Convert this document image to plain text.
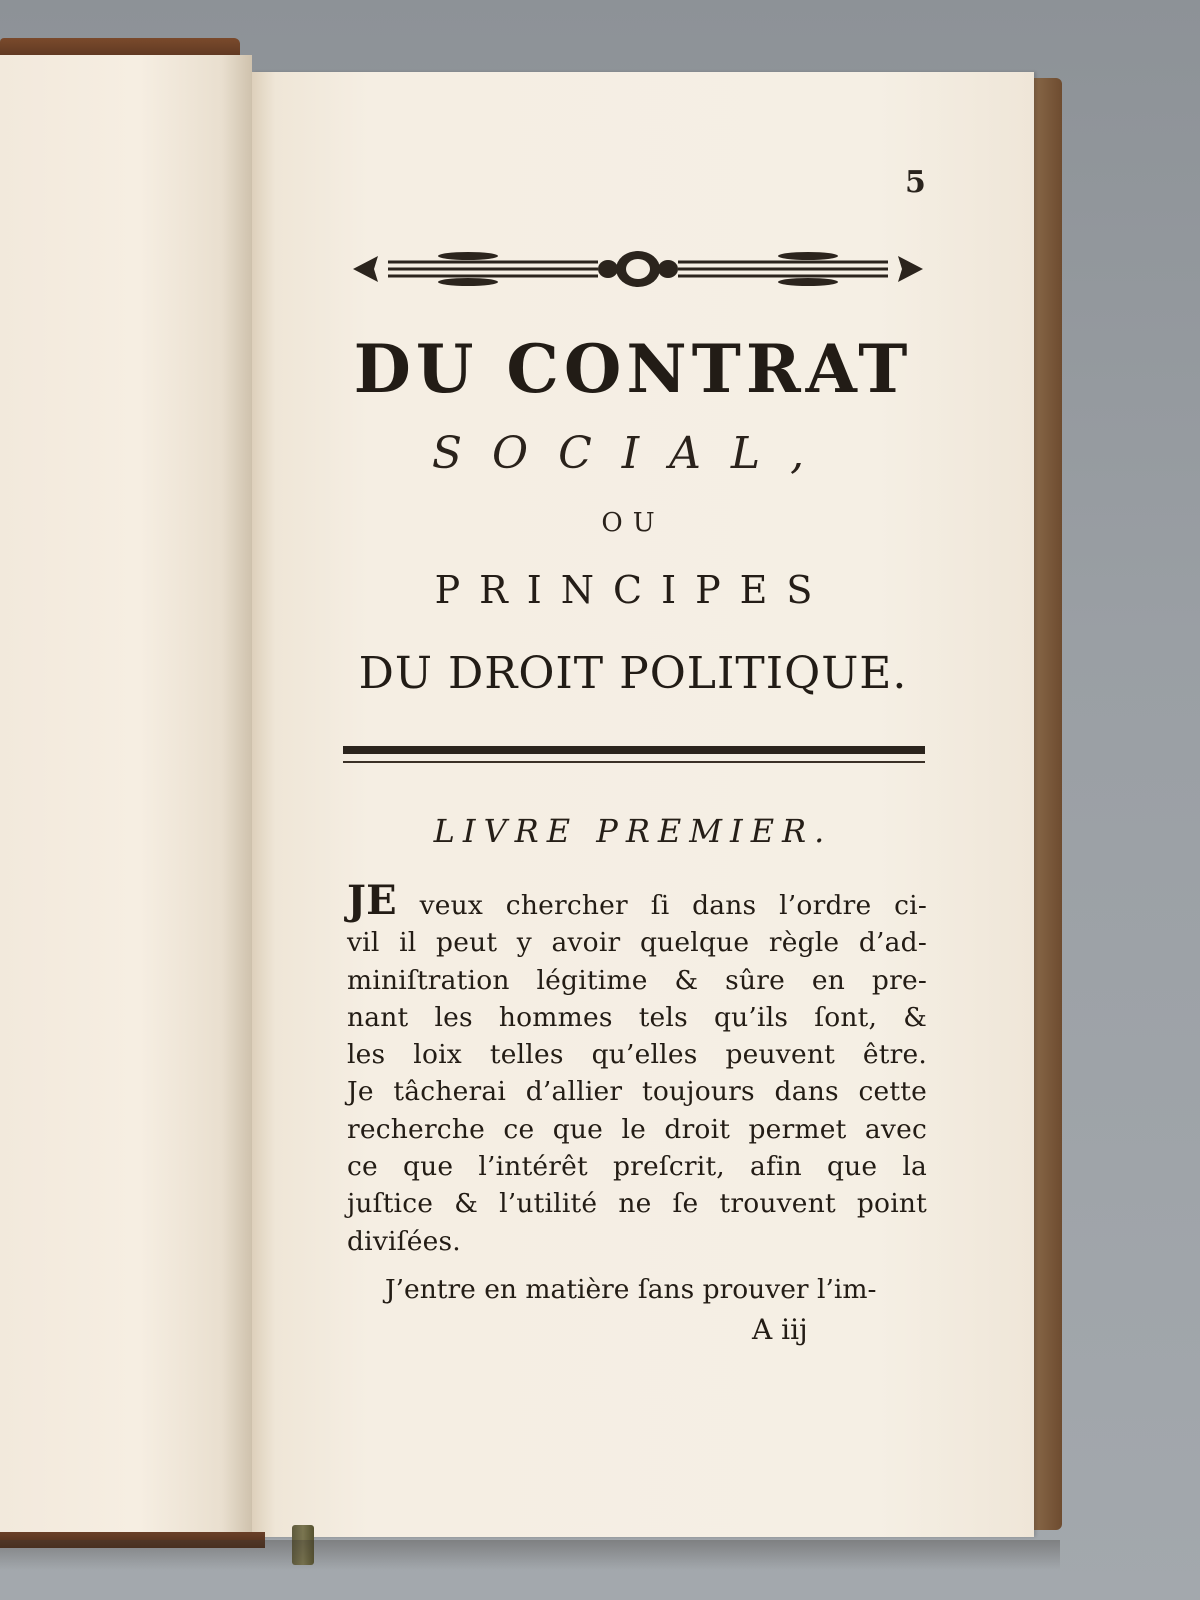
5
DU CONTRAT
SOCIAL,
OU
PRINCIPES
DU DROIT POLITIQUE.
LIVRE PREMIER.
JE veux chercher ſi dans l’ordre ci-
vil il peut y avoir quelque règle d’ad-
miniſtration légitime & sûre en pre-
nant les hommes tels qu’ils ſont, &
les loix telles qu’elles peuvent être.
Je tâcherai d’allier toujours dans cette
recherche ce que le droit permet avec
ce que l’intérêt preſcrit, afin que la
juſtice & l’utilité ne ſe trouvent point
diviſées.
J’entre en matière ſans prouver l’im-
A iij
